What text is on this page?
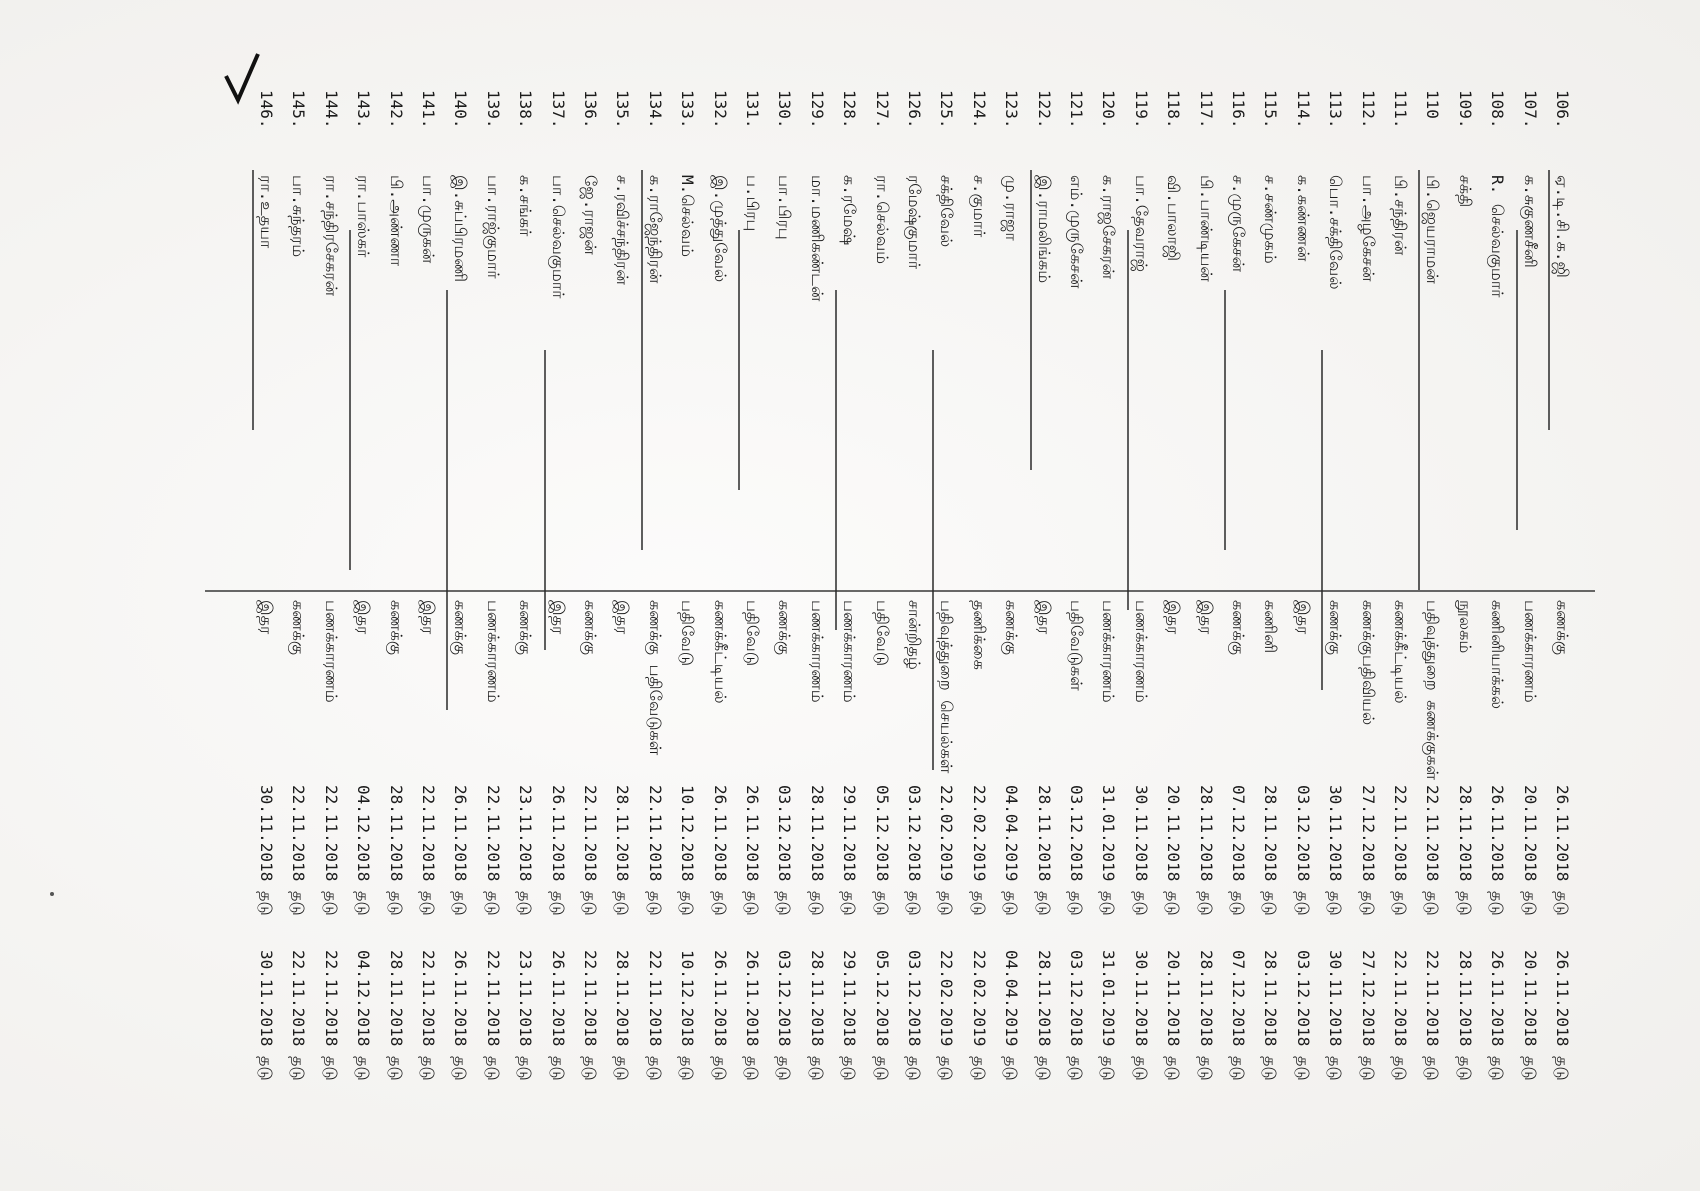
106.
ஏ.டி.சி.க.ஜி
கணக்கு
26.11.2018 தடு
26.11.2018 தடு
107.
க.சுகுணசீனி
பணக்காரணம்
20.11.2018 தடு
20.11.2018 தடு
108.
R. செல்வகுமார்
கணினியாக்கல்
26.11.2018 தடு
26.11.2018 தடு
109.
சக்தி
நூலகம்
28.11.2018 தடு
28.11.2018 தடு
110
பி.ஜெயராமன்
பதிவுத்துறை கணக்குகள்
22.11.2018 தடு
22.11.2018 தடு
111.
பி.சந்திரன்
கணக்கீட்டியல்
22.11.2018 தடு
22.11.2018 தடு
112.
பா.அழகேசன்
கணக்குபதிவியல்
27.12.2018 தடு
27.12.2018 தடு
113.
பொ.சக்திவேல்
கணக்கு
30.11.2018 தடு
30.11.2018 தடு
114.
க.கண்ணன்
இதர
03.12.2018 தடு
03.12.2018 தடு
115.
ச.சண்முகம்
கணினி
28.11.2018 தடு
28.11.2018 தடு
116.
ச.முருகேசன்
கணக்கு
07.12.2018 தடு
07.12.2018 தடு
117.
பி.பாண்டியன்
இதர
28.11.2018 தடு
28.11.2018 தடு
118.
வி.பாலாஜி
இதர
20.11.2018 தடு
20.11.2018 தடு
119.
பா.தேவராஜ்
பணக்காரணம்
30.11.2018 தடு
30.11.2018 தடு
120.
க.ராஜசேகரன்
பணக்காரணம்
31.01.2019 தடு
31.01.2019 தடு
121.
எம்.முருகேசன்
பதிவேடுகள்
03.12.2018 தடு
03.12.2018 தடு
122.
இ.ராமலிங்கம்
இதர
28.11.2018 தடு
28.11.2018 தடு
123.
மு.ராஜா
கணக்கு
04.04.2019 தடு
04.04.2019 தடு
124.
ச.குமார்
தணிக்கை
22.02.2019 தடு
22.02.2019 தடு
125.
சக்திவேல்
பதிவுத்துறை செயல்கள்
22.02.2019 தடு
22.02.2019 தடு
126.
ரமேஷ்குமார்
சான்றிதழ்
03.12.2018 தடு
03.12.2018 தடு
127.
ரா.செல்வம்
பதிவேடு
05.12.2018 தடு
05.12.2018 தடு
128.
க.ரமேஷ்
பணக்காரணம்
29.11.2018 தடு
29.11.2018 தடு
129.
மா.மணிகண்டன்
பணக்காரணம்
28.11.2018 தடு
28.11.2018 தடு
130.
பா.பிரபு
கணக்கு
03.12.2018 தடு
03.12.2018 தடு
131.
ப.பிரபு
பதிவேடு
26.11.2018 தடு
26.11.2018 தடு
132.
இ.முத்துவேல்
கணக்கீட்டியல்
26.11.2018 தடு
26.11.2018 தடு
133.
M.செல்வம்
பதிவேடு
10.12.2018 தடு
10.12.2018 தடு
134.
க.ராஜேந்திரன்
கணக்கு பதிவேடுகள்
22.11.2018 தடு
22.11.2018 தடு
135.
ச.ரவிச்சந்திரன்
இதர
28.11.2018 தடு
28.11.2018 தடு
136.
ஜே.ராஜன்
கணக்கு
22.11.2018 தடு
22.11.2018 தடு
137.
பா.செல்வகுமார்
இதர
26.11.2018 தடு
26.11.2018 தடு
138.
க.சங்கர்
கணக்கு
23.11.2018 தடு
23.11.2018 தடு
139.
பா.ராஜ்குமார்
பணக்காரணம்
22.11.2018 தடு
22.11.2018 தடு
140.
இ.சுப்பிரமணி
கணக்கு
26.11.2018 தடு
26.11.2018 தடு
141.
பா.முருகன்
இதர
22.11.2018 தடு
22.11.2018 தடு
142.
பி.அண்ணா
கணக்கு
28.11.2018 தடு
28.11.2018 தடு
143.
ரா.பாஸ்கர்
இதர
04.12.2018 தடு
04.12.2018 தடு
144.
ரா.சந்திரசேகரன்
பணக்காரணம்
22.11.2018 தடு
22.11.2018 தடு
145.
பா.சுந்தரம்
கணக்கு
22.11.2018 தடு
22.11.2018 தடு
146.
ரா.உதயா
இதர
30.11.2018 தடு
30.11.2018 தடு
